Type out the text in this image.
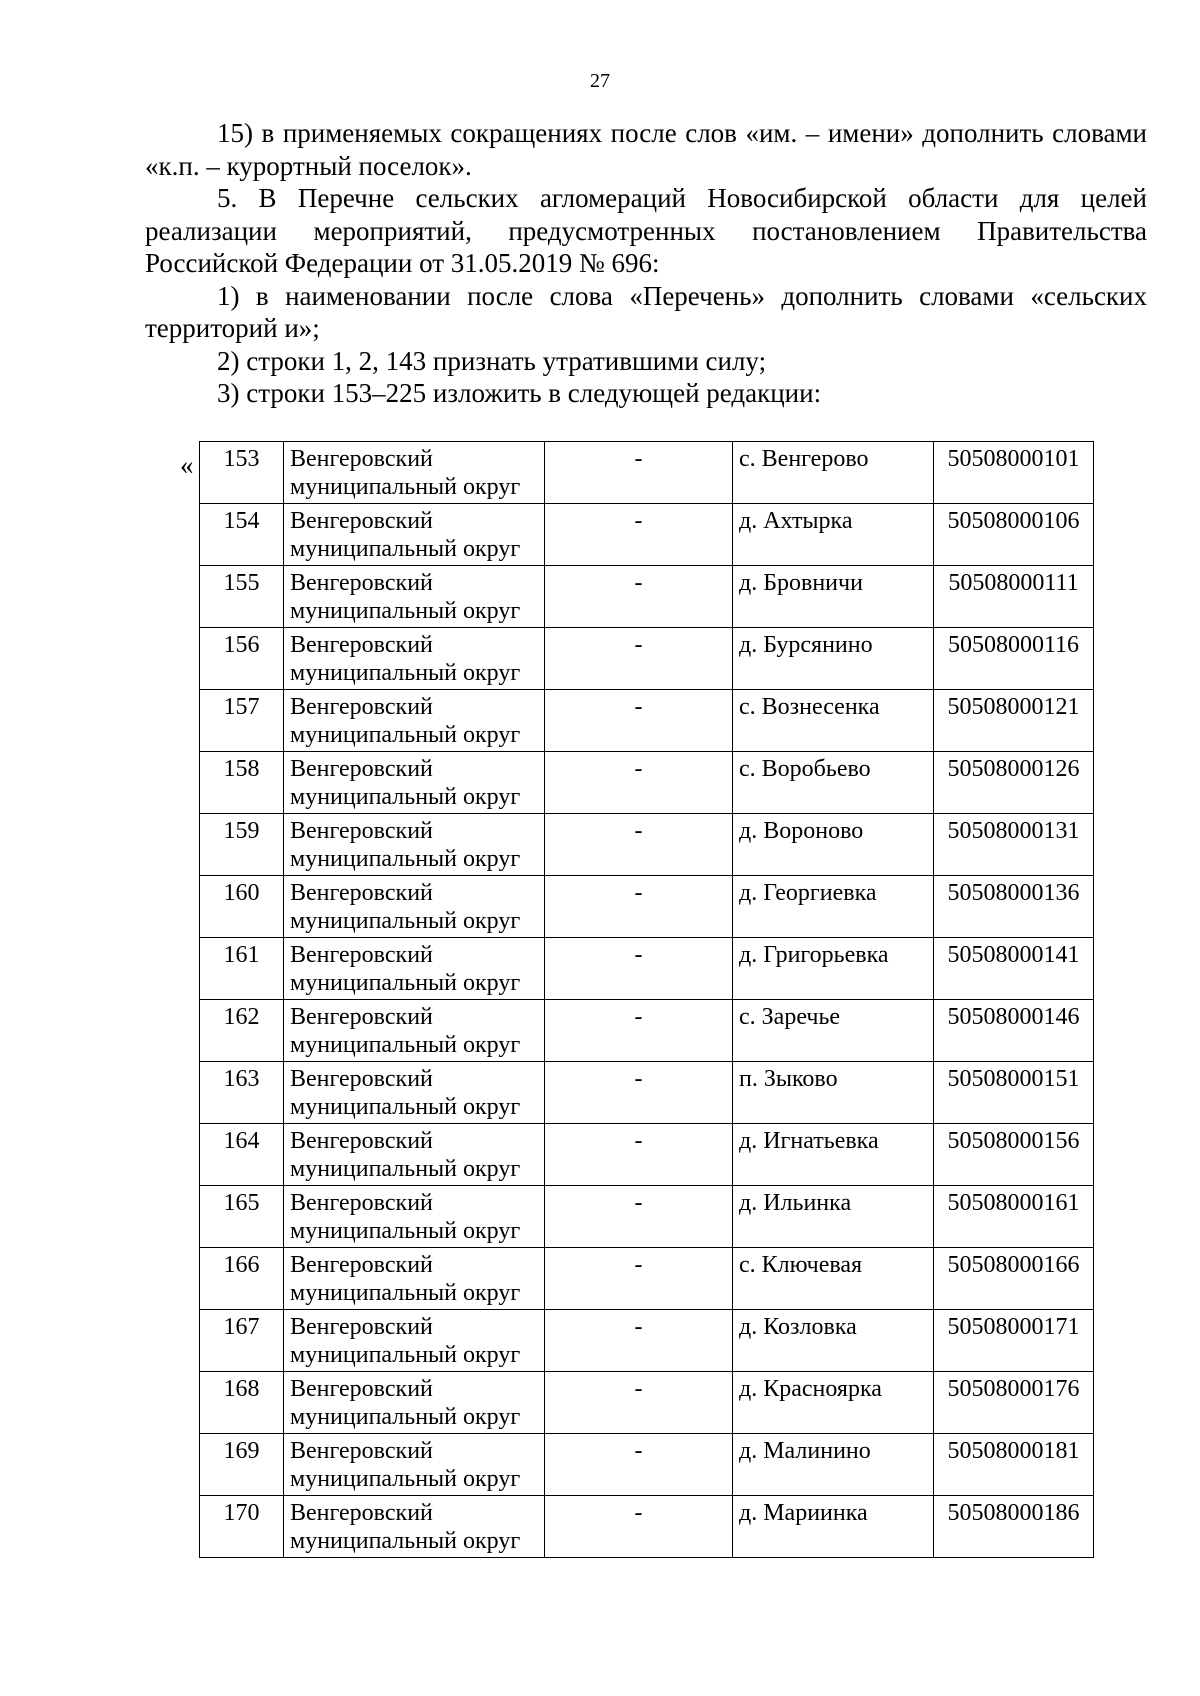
27

15) в применяемых сокращениях после слов «им. – имени» дополнить словами «к.п. – курортный поселок».

5. В Перечне сельских агломераций Новосибирской области для целей реализации мероприятий, предусмотренных постановлением Правительства Российской Федерации от 31.05.2019 № 696:

1) в наименовании после слова «Перечень» дополнить словами «сельских территорий и»;

2) строки 1, 2, 143 признать утратившими силу;

3) строки 153–225 изложить в следующей редакции:

« 153	Венгеровский муниципальный округ	-	с. Венгерово	50508000101
154	Венгеровский муниципальный округ	-	д. Ахтырка	50508000106
155	Венгеровский муниципальный округ	-	д. Бровничи	50508000111
156	Венгеровский муниципальный округ	-	д. Бурсянино	50508000116
157	Венгеровский муниципальный округ	-	с. Вознесенка	50508000121
158	Венгеровский муниципальный округ	-	с. Воробьево	50508000126
159	Венгеровский муниципальный округ	-	д. Вороново	50508000131
160	Венгеровский муниципальный округ	-	д. Георгиевка	50508000136
161	Венгеровский муниципальный округ	-	д. Григорьевка	50508000141
162	Венгеровский муниципальный округ	-	с. Заречье	50508000146
163	Венгеровский муниципальный округ	-	п. Зыково	50508000151
164	Венгеровский муниципальный округ	-	д. Игнатьевка	50508000156
165	Венгеровский муниципальный округ	-	д. Ильинка	50508000161
166	Венгеровский муниципальный округ	-	с. Ключевая	50508000166
167	Венгеровский муниципальный округ	-	д. Козловка	50508000171
168	Венгеровский муниципальный округ	-	д. Красноярка	50508000176
169	Венгеровский муниципальный округ	-	д. Малинино	50508000181
170	Венгеровский муниципальный округ	-	д. Мариинка	50508000186
